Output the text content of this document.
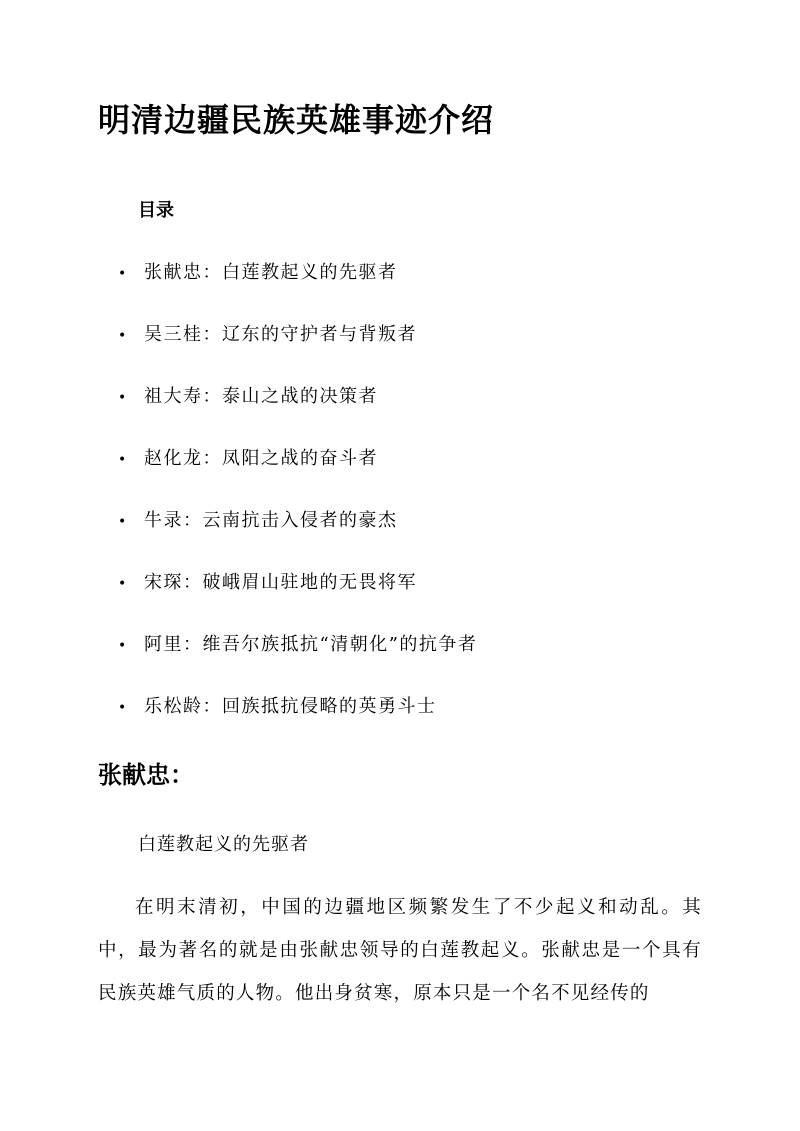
明清边疆民族英雄事迹介绍
目录
• 张献忠：白莲教起义的先驱者
• 吴三桂：辽东的守护者与背叛者
• 祖大寿：泰山之战的决策者
• 赵化龙：凤阳之战的奋斗者
• 牛录：云南抗击入侵者的豪杰
• 宋琛：破峨眉山驻地的无畏将军
• 阿里：维吾尔族抵抗“清朝化”的抗争者
• 乐松龄：回族抵抗侵略的英勇斗士
张献忠：
白莲教起义的先驱者

在明末清初，中国的边疆地区频繁发生了不少起义和动乱。其中，最为著名的就是由张献忠领导的白莲教起义。张献忠是一个具有民族英雄气质的人物。他出身贫寒，原本只是一个名不见经传的
